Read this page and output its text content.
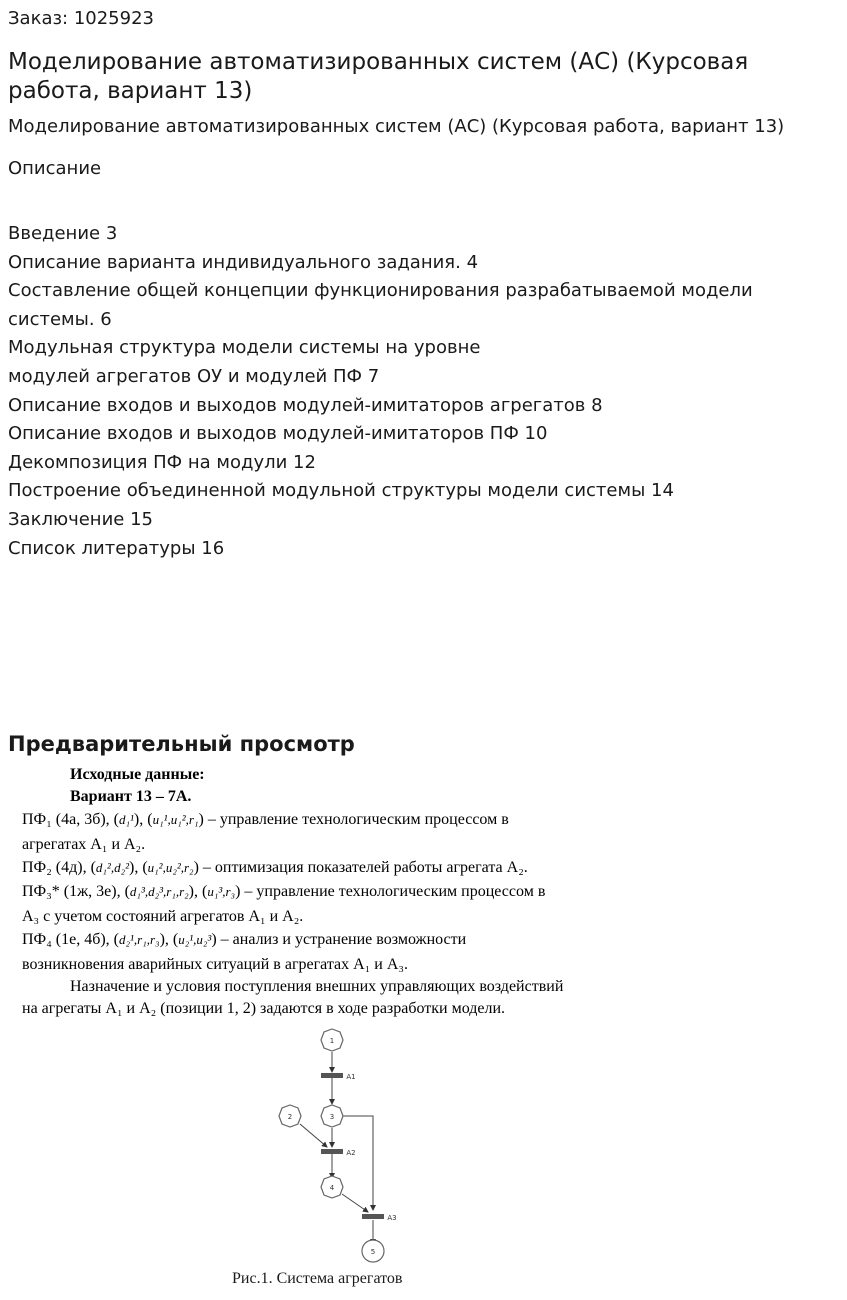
Заказ: 1025923
Моделирование автоматизированных систем (АС) (Курсовая работа, вариант 13)
Моделирование автоматизированных систем (АС) (Курсовая работа, вариант 13)
Описание
Введение 3
Описание варианта индивидуального задания. 4
Составление общей концепции функционирования разрабатываемой модели
системы. 6
Модульная структура модели системы на уровне
модулей агрегатов ОУ и модулей ПФ 7
Описание входов и выходов модулей-имитаторов агрегатов 8
Описание входов и выходов модулей-имитаторов ПФ 10
Декомпозиция ПФ на модули 12
Построение объединенной модульной структуры модели системы 14
Заключение 15
Список литературы 16
Предварительный просмотр
Исходные данные:
Вариант 13 – 7А.
ПФ₁ (4а, 3б), (d₁¹), (u₁¹,u₁²,r₁) – управление технологическим процессом в
агрегатах А₁ и А₂.
ПФ₂ (4д), (d₁²,d₂²), (u₁²,u₂²,r₂) – оптимизация показателей работы агрегата А₂.
ПФ₃* (1ж, 3е), (d₁³,d₂³,r₁,r₂), (u₁³,r₃) – управление технологическим процессом в
А₃ с учетом состояний агрегатов А₁ и А₂.
ПФ₄ (1е, 4б), (d₂¹,r₁,r₃), (u₂¹,u₂³) – анализ и устранение возможности
возникновения аварийных ситуаций в агрегатах А₁ и А₃.
Назначение и условия поступления внешних управляющих воздействий
на агрегаты А₁ и А₂ (позиции 1, 2) задаются в ходе разработки модели.
1
2	3
4
5
A1
A2
A3
Рис.1. Система агрегатов
